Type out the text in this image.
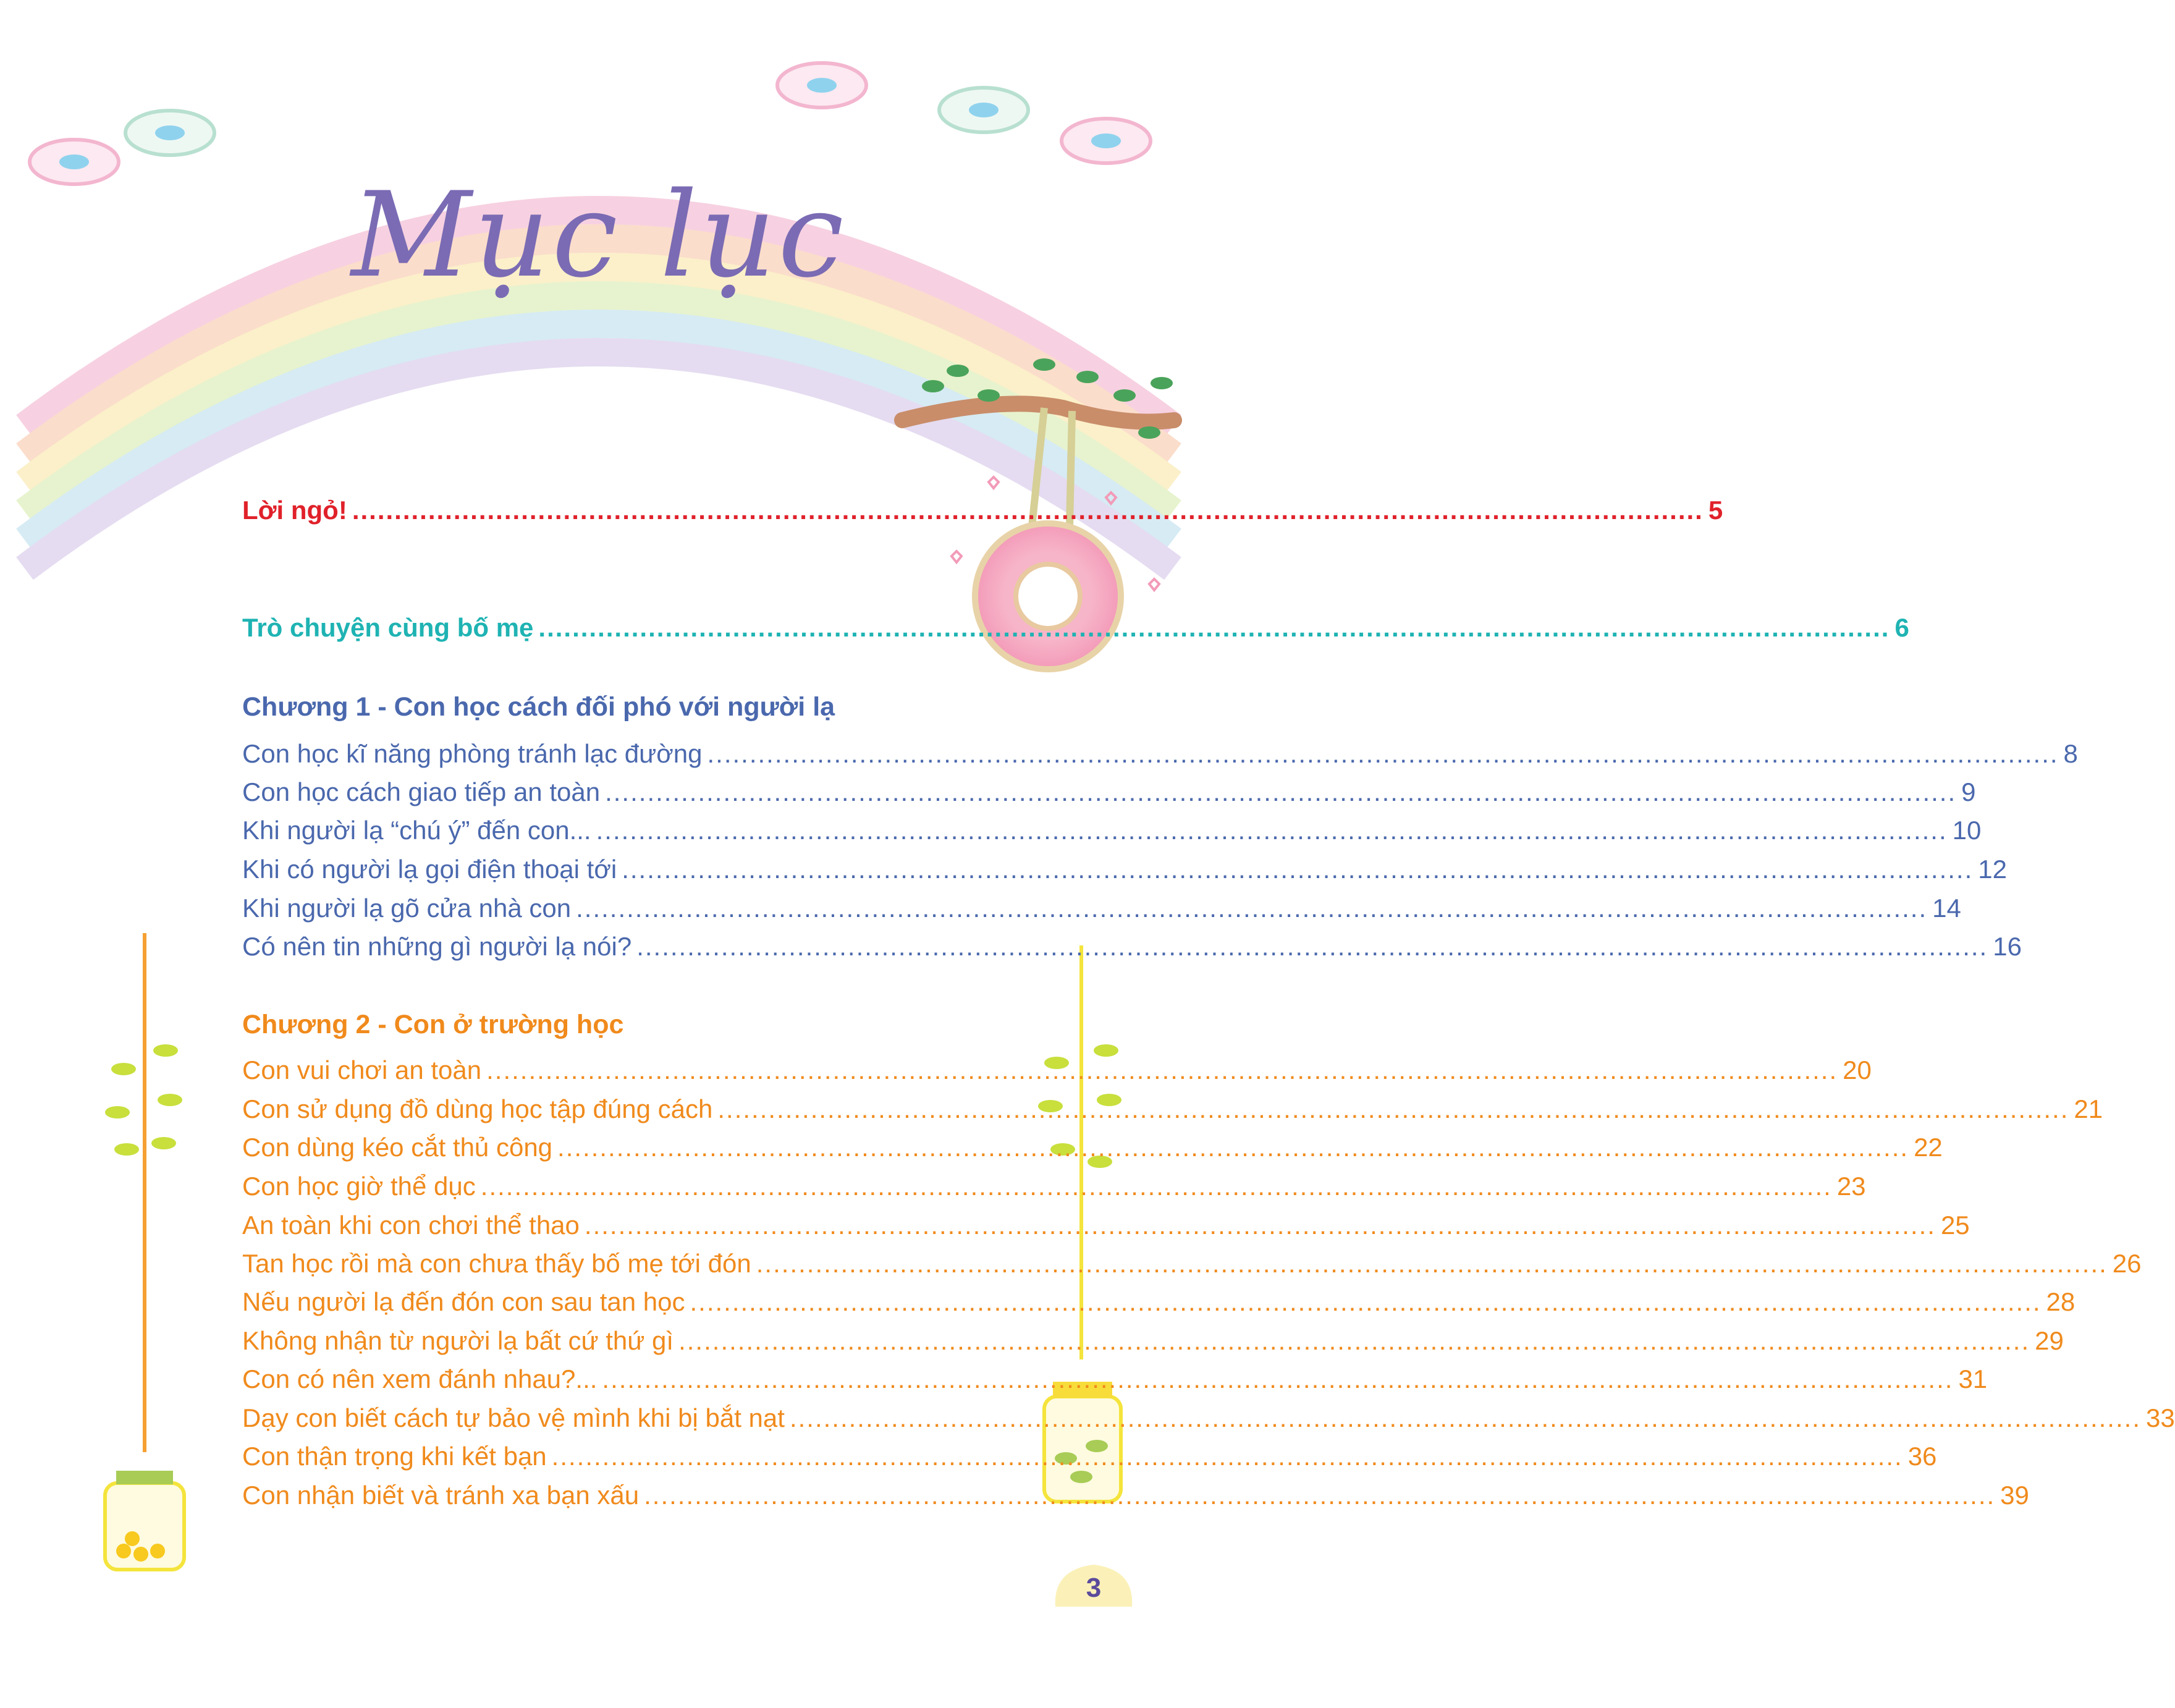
Mục lục
Lời ngỏ! ................................................................................................................................................................ 5
Trò chuyện cùng bố mẹ ................................................................................................................................................................ 6
Chương 1 - Con học cách đối phó với người lạ
Con học kĩ năng phòng tránh lạc đường ................................................................................................................................................................ 8
Con học cách giao tiếp an toàn ................................................................................................................................................................ 9
Khi người lạ “chú ý” đến con... ................................................................................................................................................................ 10
Khi có người lạ gọi điện thoại tới ................................................................................................................................................................ 12
Khi người lạ gõ cửa nhà con ................................................................................................................................................................ 14
Có nên tin những gì người lạ nói? ................................................................................................................................................................ 16
Chương 2 - Con ở trường học
Con vui chơi an toàn ................................................................................................................................................................ 20
Con sử dụng đồ dùng học tập đúng cách ................................................................................................................................................................ 21
Con dùng kéo cắt thủ công ................................................................................................................................................................ 22
Con học giờ thể dục ................................................................................................................................................................ 23
An toàn khi con chơi thể thao ................................................................................................................................................................ 25
Tan học rồi mà con chưa thấy bố mẹ tới đón ................................................................................................................................................................ 26
Nếu người lạ đến đón con sau tan học ................................................................................................................................................................ 28
Không nhận từ người lạ bất cứ thứ gì ................................................................................................................................................................ 29
Con có nên xem đánh nhau?... ................................................................................................................................................................ 31
Dạy con biết cách tự bảo vệ mình khi bị bắt nạt ................................................................................................................................................................ 33
Con thận trọng khi kết bạn ................................................................................................................................................................ 36
Con nhận biết và tránh xa bạn xấu ................................................................................................................................................................ 39
3
